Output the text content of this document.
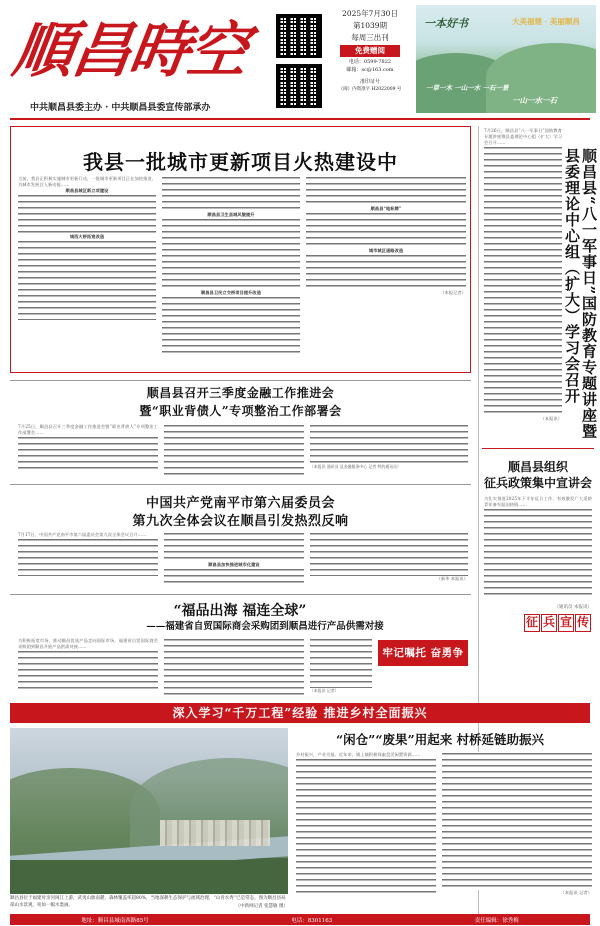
順昌時空
中共顺昌县委主办 · 中共顺昌县委宣传部承办
2025年7月30日
第1039期
每周三出刊
免费赠阅
电话：0599-7822
邮箱：sc@163.com
准印证号
（闽）内资准字 H2022009 号
一本好书	大美福建 · 美丽顺昌
一草一木 一山一水 一石一景
一山一水一石
我县一批城市更新项目火热建设中
当前，我县正积极实施城市更新行动，一批城市更新项目正在加快推进，为城市发展注入新动能……
顺昌县城区新立项建设
城西大桥拓宽改造
顺昌县卫生县城风貌提升
顺昌县卫民立交桥项目提升改造
顺昌县“地标牌”
城市城区道路改造
（本报记者）
7月26日，顺昌县“八一军事日”国防教育专题讲座暨县委理论中心组（扩大）学习会召开……
（本报讯）	顺昌县“八一军事日”国防教育专题讲座暨县委理论中心组（扩大）学习会召开
顺昌县组织
征兵政策集中宣讲会
为扎实推进2025年下半年征兵工作，有效激发广大适龄青年参军报国热情……
（通讯员 本报讯）
征 兵 宣 传
顺昌县召开三季度金融工作推进会
暨“职业背债人”专项整治工作部署会
7月25日，顺昌县召开三季度金融工作推进会暨“职业背债人”专项整治工作部署会……
（本报讯 通讯员 县金融服务中心 记者 特约通讯员）
中国共产党南平市第六届委员会
第九次全体会议在顺昌引发热烈反响
7月17日，中国共产党南平市第六届委员会第九次全体会议召开……
顺昌县加快推进城市化建设
（新华 本报讯）
“福品出海 福连全球”
——福建省自贸国际商会采购团到顺昌进行产品供需对接
为积极拓宽市场，推动顺昌优质产品走向国际市场，福建省自贸国际商会采购团到顺昌开展产品供需对接……
（本报讯 记者）
牢记嘱托 奋勇争先
深入学习“千万工程”经验 推进乡村全面振兴
“闲仓”“废果”用起来 村桥延链助振兴
顺昌县位于福建母亲河闽江上游，武夷山脉南麓，森林覆盖率超80%，当地深耕生态保护与流域治理，“山青水秀”已是常态。图为顺昌县局部山水景观，宛如一幅水墨画。
乡村振兴，产业为基。近年来，埔上镇积极探索盘活闲置资源……
（本报讯 记者）
（中新网记者 张慧敏 摄）
地址：顺昌县城南西路85号	电话：8301163	责任编辑：徐秀梅
